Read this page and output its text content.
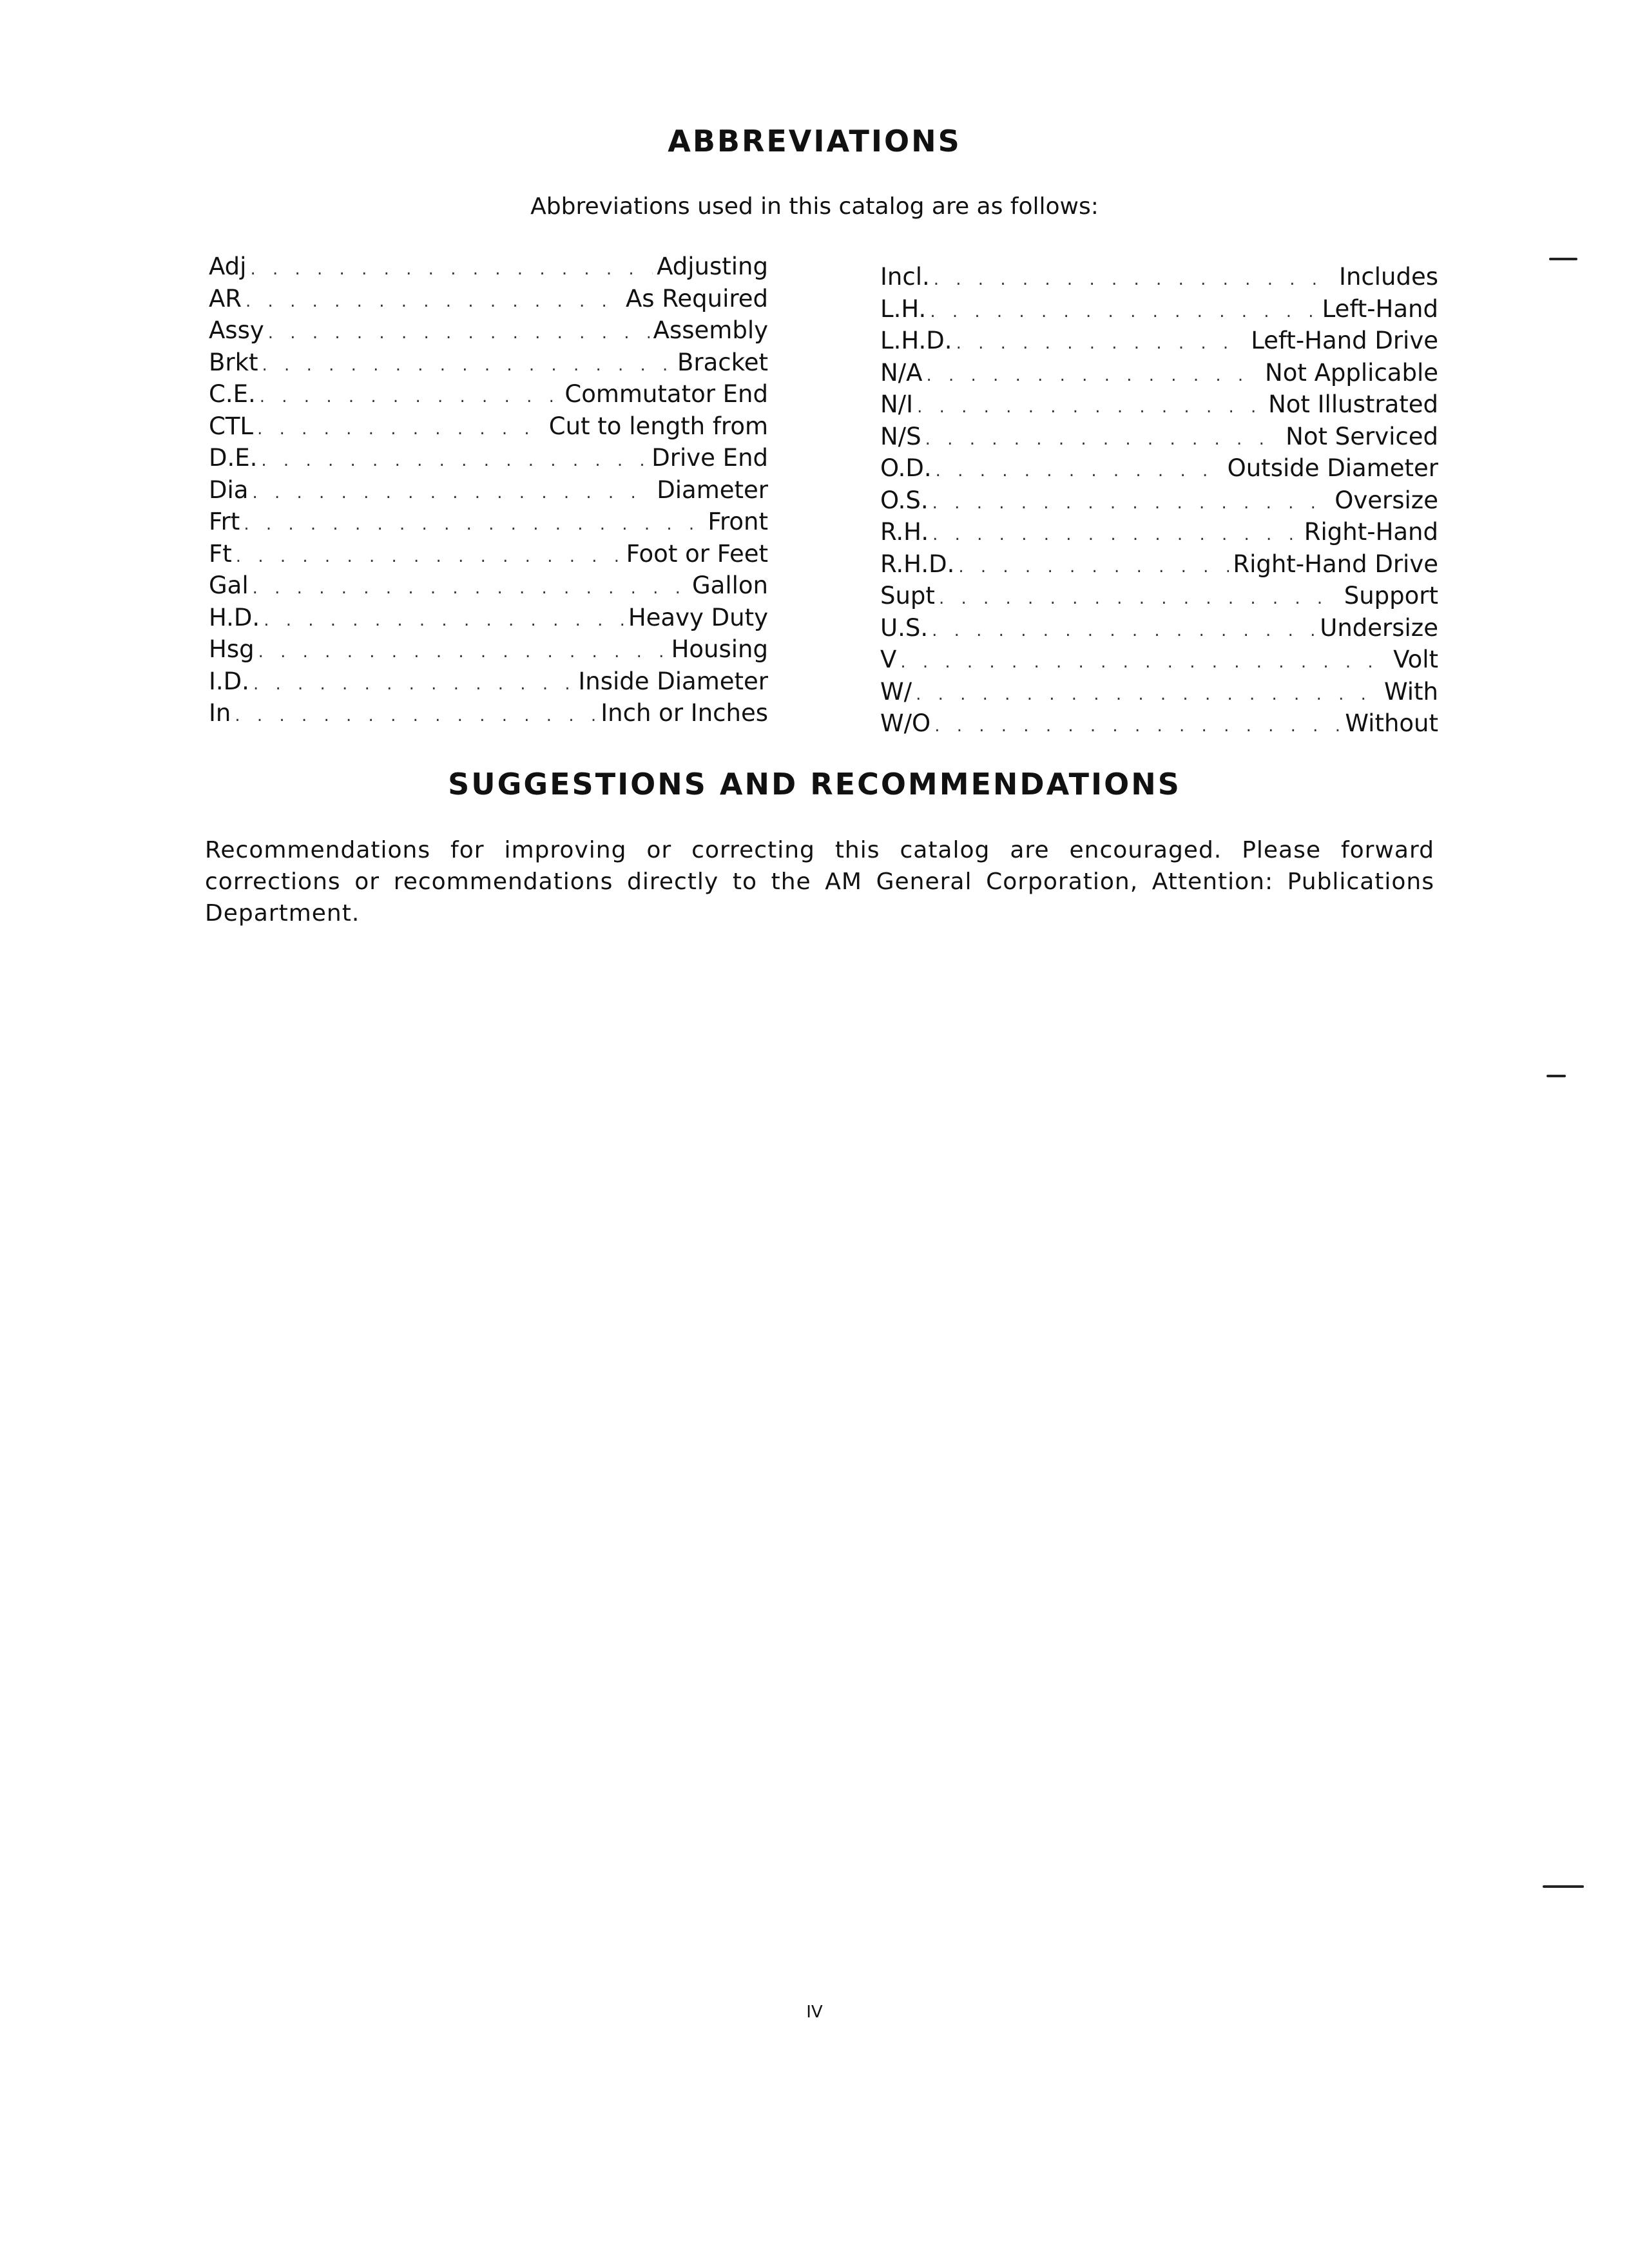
ABBREVIATIONS

Abbreviations used in this catalog are as follows:

Adj . . .	Adjusting
AR . . .	As Required
Assy . . .	Assembly
Brkt . . .	Bracket
C.E. . . .	Commutator End
CTL . . .	Cut to length from
D.E. . . .	Drive End
Dia . . .	Diameter
Frt . . .	Front
Ft . . .	Foot or Feet
Gal . . .	Gallon
H.D. . . .	Heavy Duty
Hsg . . .	Housing
I.D. . . .	Inside Diameter
In . . .	Inch or Inches
Incl. . . .	Includes
L.H. . . .	Left-Hand
L.H.D. . . .	Left-Hand Drive
N/A . . .	Not Applicable
N/I . . .	Not Illustrated
N/S . . .	Not Serviced
O.D. . . .	Outside Diameter
O.S. . . .	Oversize
R.H. . . .	Right-Hand
R.H.D. . . .	Right-Hand Drive
Supt . . .	Support
U.S. . . .	Undersize
V . . .	Volt
W/ . . .	With
W/O . . .	Without
SUGGESTIONS AND RECOMMENDATIONS

Recommendations for improving or correcting this catalog are encouraged. Please forward corrections or recommendations directly to the AM General Corporation, Attention: Publications Department.

IV
